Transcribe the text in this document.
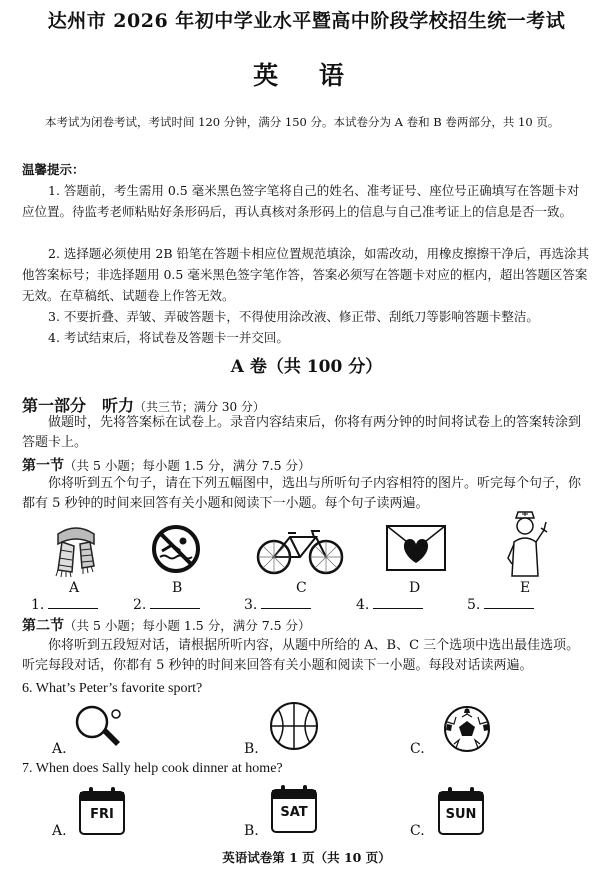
达州市 2026 年初中学业水平暨高中阶段学校招生统一考试
英 语
本考试为闭卷考试，考试时间 120 分钟，满分 150 分。本试卷分为 A 卷和 B 卷两部分，共 10 页。
温馨提示：
1. 答题前，考生需用 0.5 毫米黑色签字笔将自己的姓名、准考证号、座位号正确填写在答题卡对应位置。待监考老师粘贴好条形码后，再认真核对条形码上的信息与自己准考证上的信息是否一致。
2. 选择题必须使用 2B 铅笔在答题卡相应位置规范填涂，如需改动，用橡皮擦擦干净后，再选涂其他答案标号；非选择题用 0.5 毫米黑色签字笔作答，答案必须写在答题卡对应的框内，超出答题区答案无效。在草稿纸、试题卷上作答无效。
3. 不要折叠、弄皱、弄破答题卡，不得使用涂改液、修正带、刮纸刀等影响答题卡整洁。
4. 考试结束后，将试卷及答题卡一并交回。
A 卷（共 100 分）
第一部分　听力（共三节；满分 30 分）
做题时，先将答案标在试卷上。录音内容结束后，你将有两分钟的时间将试卷上的答案转涂到答题卡上。
第一节（共 5 小题；每小题 1.5 分，满分 7.5 分）
你将听到五个句子，请在下列五幅图中，选出与所听句子内容相符的图片。听完每个句子，你都有 5 秒钟的时间来回答有关小题和阅读下一小题。每个句子读两遍。
A	B	C	D	E
1.	2.	3.	4.	5.
第二节（共 5 小题；每小题 1.5 分，满分 7.5 分）
你将听到五段短对话，请根据所听内容，从题中所给的 A、B、C 三个选项中选出最佳选项。听完每段对话，你都有 5 秒钟的时间来回答有关小题和阅读下一小题。每段对话读两遍。
6. What’s Peter’s favorite sport?
A.	B.	C.
7. When does Sally help cook dinner at home?
A.
FRI
B.
SAT
C.
SUN
英语试卷第 1 页（共 10 页）
